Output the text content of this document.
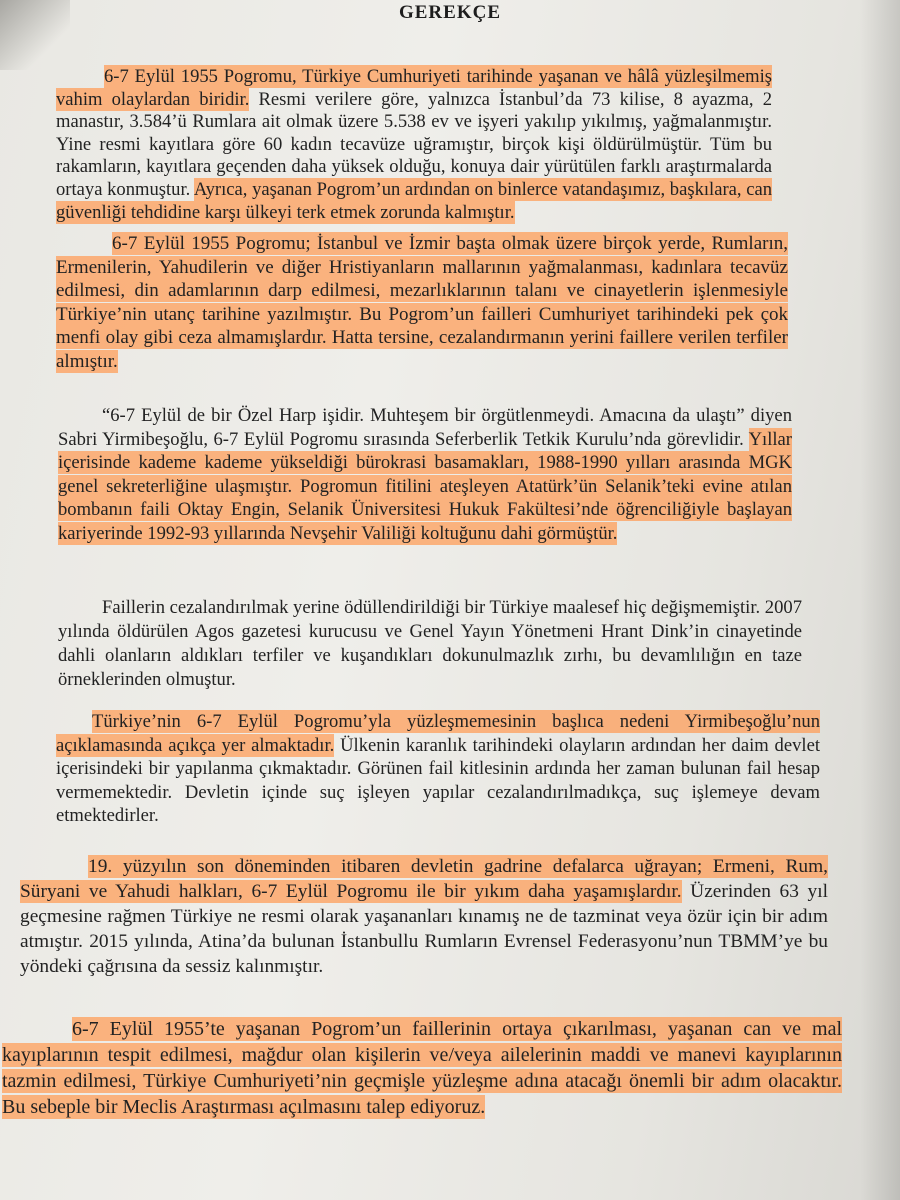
GEREKÇE
6-7 Eylül 1955 Pogromu, Türkiye Cumhuriyeti tarihinde yaşanan ve hâlâ yüzleşilmemiş vahim olaylardan biridir. Resmi verilere göre, yalnızca İstanbul’da 73 kilise, 8 ayazma, 2 manastır, 3.584’ü Rumlara ait olmak üzere 5.538 ev ve işyeri yakılıp yıkılmış, yağmalanmıştır. Yine resmi kayıtlara göre 60 kadın tecavüze uğramıştır, birçok kişi öldürülmüştür. Tüm bu rakamların, kayıtlara geçenden daha yüksek olduğu, konuya dair yürütülen farklı araştırmalarda ortaya konmuştur. Ayrıca, yaşanan Pogrom’un ardından on binlerce vatandaşımız, başkılara, can güvenliği tehdidine karşı ülkeyi terk etmek zorunda kalmıştır.
6-7 Eylül 1955 Pogromu; İstanbul ve İzmir başta olmak üzere birçok yerde, Rumların, Ermenilerin, Yahudilerin ve diğer Hristiyanların mallarının yağmalanması, kadınlara tecavüz edilmesi, din adamlarının darp edilmesi, mezarlıklarının talanı ve cinayetlerin işlenmesiyle Türkiye’nin utanç tarihine yazılmıştır. Bu Pogrom’un failleri Cumhuriyet tarihindeki pek çok menfi olay gibi ceza almamışlardır. Hatta tersine, cezalandırmanın yerini faillere verilen terfiler almıştır.
“6-7 Eylül de bir Özel Harp işidir. Muhteşem bir örgütlenmeydi. Amacına da ulaştı” diyen Sabri Yirmibeşoğlu, 6-7 Eylül Pogromu sırasında Seferberlik Tetkik Kurulu’nda görevlidir. Yıllar içerisinde kademe kademe yükseldiği bürokrasi basamakları, 1988-1990 yılları arasında MGK genel sekreterliğine ulaşmıştır. Pogromun fitilini ateşleyen Atatürk’ün Selanik’teki evine atılan bombanın faili Oktay Engin, Selanik Üniversitesi Hukuk Fakültesi’nde öğrenciliğiyle başlayan kariyerinde 1992-93 yıllarında Nevşehir Valiliği koltuğunu dahi görmüştür.
Faillerin cezalandırılmak yerine ödüllendirildiği bir Türkiye maalesef hiç değişmemiştir. 2007 yılında öldürülen Agos gazetesi kurucusu ve Genel Yayın Yönetmeni Hrant Dink’in cinayetinde dahli olanların aldıkları terfiler ve kuşandıkları dokunulmazlık zırhı, bu devamlılığın en taze örneklerinden olmuştur.
Türkiye’nin 6-7 Eylül Pogromu’yla yüzleşmemesinin başlıca nedeni Yirmibeşoğlu’nun açıklamasında açıkça yer almaktadır. Ülkenin karanlık tarihindeki olayların ardından her daim devlet içerisindeki bir yapılanma çıkmaktadır. Görünen fail kitlesinin ardında her zaman bulunan fail hesap vermemektedir. Devletin içinde suç işleyen yapılar cezalandırılmadıkça, suç işlemeye devam etmektedirler.
19. yüzyılın son döneminden itibaren devletin gadrine defalarca uğrayan; Ermeni, Rum, Süryani ve Yahudi halkları, 6-7 Eylül Pogromu ile bir yıkım daha yaşamışlardır. Üzerinden 63 yıl geçmesine rağmen Türkiye ne resmi olarak yaşananları kınamış ne de tazminat veya özür için bir adım atmıştır. 2015 yılında, Atina’da bulunan İstanbullu Rumların Evrensel Federasyonu’nun TBMM’ye bu yöndeki çağrısına da sessiz kalınmıştır.
6-7 Eylül 1955’te yaşanan Pogrom’un faillerinin ortaya çıkarılması, yaşanan can ve mal kayıplarının tespit edilmesi, mağdur olan kişilerin ve/veya ailelerinin maddi ve manevi kayıplarının tazmin edilmesi, Türkiye Cumhuriyeti’nin geçmişle yüzleşme adına atacağı önemli bir adım olacaktır. Bu sebeple bir Meclis Araştırması açılmasını talep ediyoruz.
